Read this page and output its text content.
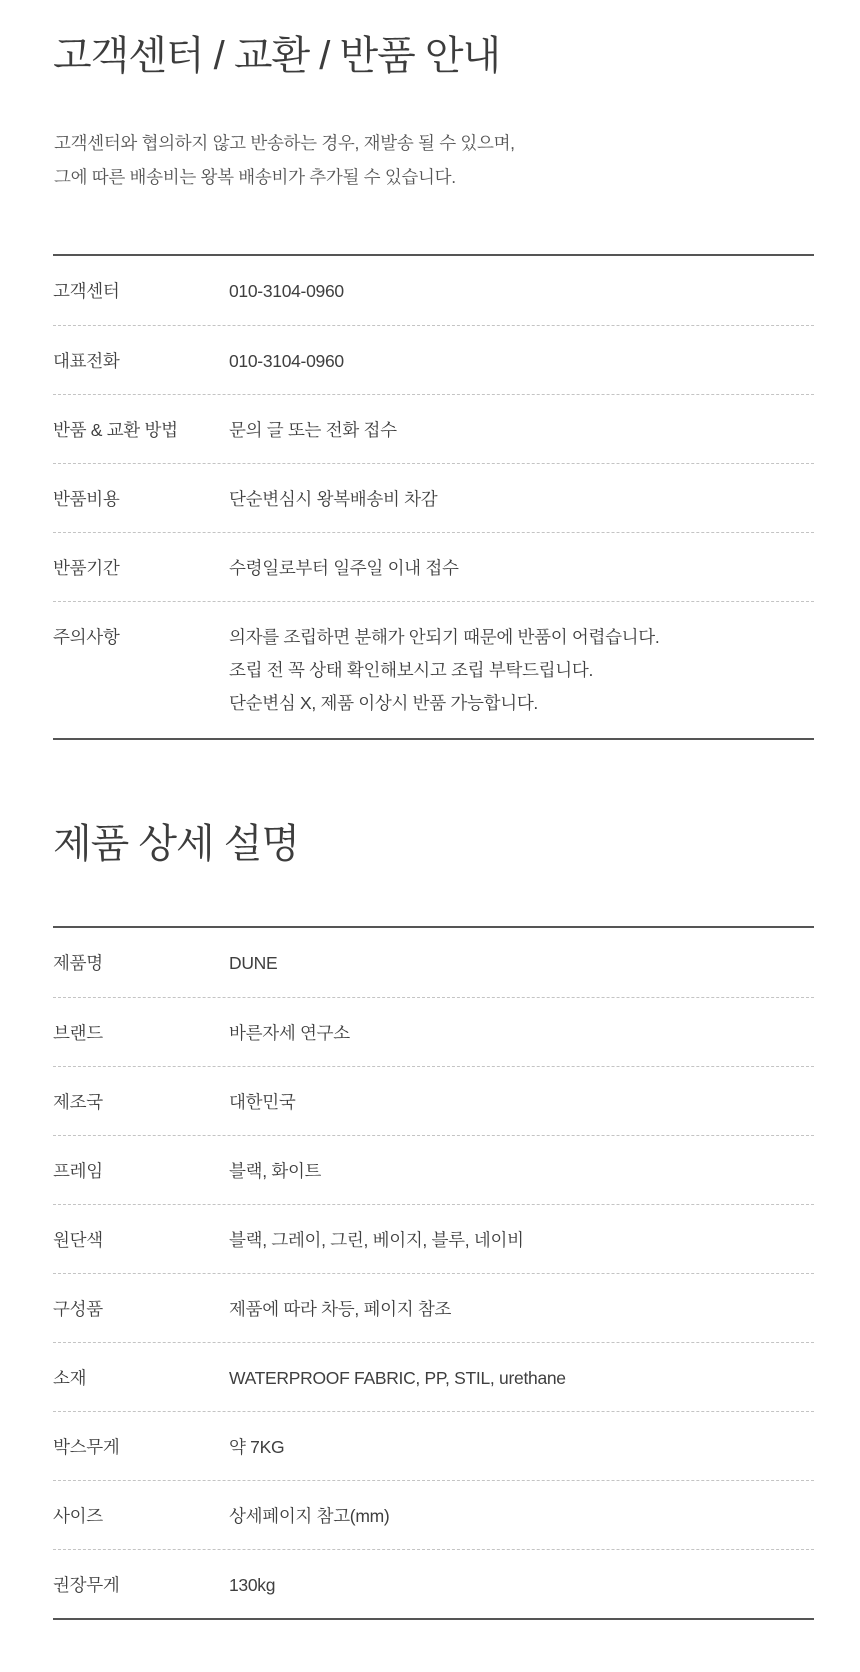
고객센터 / 교환 / 반품 안내

고객센터와 협의하지 않고 반송하는 경우, 재발송 될 수 있으며,
그에 따른 배송비는 왕복 배송비가 추가될 수 있습니다.

고객센터	010-3104-0960
대표전화	010-3104-0960
반품 & 교환 방법	문의 글 또는 전화 접수
반품비용	단순변심시 왕복배송비 차감
반품기간	수령일로부터 일주일 이내 접수
주의사항	의자를 조립하면 분해가 안되기 때문에 반품이 어렵습니다.
조립 전 꼭 상태 확인해보시고 조립 부탁드립니다.
단순변심 X, 제품 이상시 반품 가능합니다.
제품 상세 설명
제품명	DUNE
브랜드	바른자세 연구소
제조국	대한민국
프레임	블랙, 화이트
원단색	블랙, 그레이, 그린, 베이지, 블루, 네이비
구성품	제품에 따라 차등, 페이지 참조
소재	WATERPROOF FABRIC, PP, STIL, urethane
박스무게	약 7KG
사이즈	상세페이지 참고(mm)
권장무게	130kg
